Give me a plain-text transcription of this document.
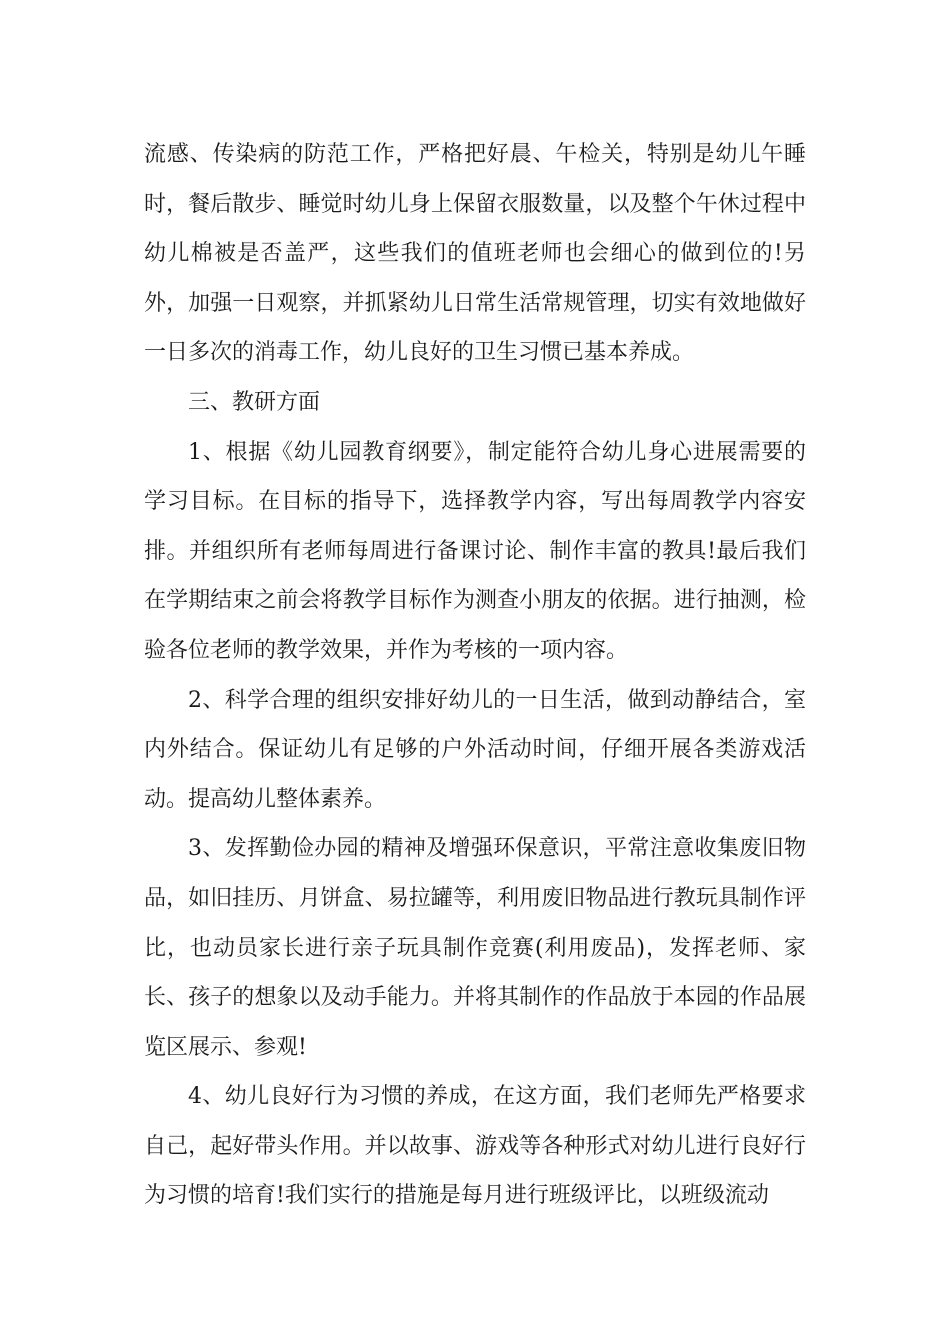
流感、传染病的防范工作，严格把好晨、午检关，特别是幼儿午睡时，餐后散步、睡觉时幼儿身上保留衣服数量，以及整个午休过程中幼儿棉被是否盖严，这些我们的值班老师也会细心的做到位的!另外，加强一日观察，并抓紧幼儿日常生活常规管理，切实有效地做好一日多次的消毒工作，幼儿良好的卫生习惯已基本养成。

三、教研方面

1、根据《幼儿园教育纲要》，制定能符合幼儿身心进展需要的学习目标。在目标的指导下，选择教学内容，写出每周教学内容安排。并组织所有老师每周进行备课讨论、制作丰富的教具!最后我们在学期结束之前会将教学目标作为测查小朋友的依据。进行抽测，检验各位老师的教学效果，并作为考核的一项内容。

2、科学合理的组织安排好幼儿的一日生活，做到动静结合，室内外结合。保证幼儿有足够的户外活动时间，仔细开展各类游戏活动。提高幼儿整体素养。

3、发挥勤俭办园的精神及增强环保意识，平常注意收集废旧物品，如旧挂历、月饼盒、易拉罐等，利用废旧物品进行教玩具制作评比，也动员家长进行亲子玩具制作竞赛(利用废品)，发挥老师、家长、孩子的想象以及动手能力。并将其制作的作品放于本园的作品展览区展示、参观!

4、幼儿良好行为习惯的养成，在这方面，我们老师先严格要求自己，起好带头作用。并以故事、游戏等各种形式对幼儿进行良好行为习惯的培育!我们实行的措施是每月进行班级评比，以班级流动
